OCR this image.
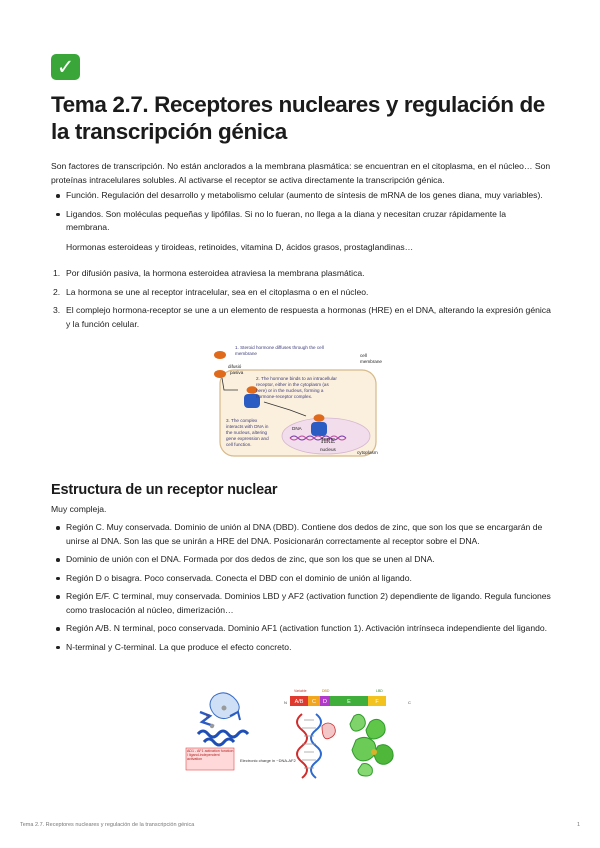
✓
Tema 2.7. Receptores nucleares y regulación de la transcripción génica

Son factores de transcripción. No están anclorados a la membrana plasmática: se encuentran en el citoplasma, en el núcleo… Son proteínas intracelulares solubles. Al activarse el receptor se activa directamente la transcripción génica.

Función. Regulación del desarrollo y metabolismo celular (aumento de síntesis de mRNA de los genes diana, muy variables).
Ligandos. Son moléculas pequeñas y lipófilas. Si no lo fueran, no llega a la diana y necesitan cruzar rápidamente la membrana.
Hormonas esteroideas y tiroideas, retinoides, vitamina D, ácidos grasos, prostaglandinas…
1. Por difusión pasiva, la hormona esteroidea atraviesa la membrana plasmática.
2. La hormona se une al receptor intracelular, sea en el citoplasma o en el núcleo.
3. El complejo hormona-receptor se une a un elemento de respuesta a hormonas (HRE) en el DNA, alterando la expresión génica y la función celular.
1. Steroid hormone diffuses through the cell
membrane	cell
membrane
difusió
pasiva
2. The hormone binds to an intracellular
receptor, either in the cytoplasm (as
here) or in the nucleus, forming a
hormone-receptor complex.
3. The complex
interacts with DNA in
the nucleus, altering
gene expression and
cell function.
DNA
HRE
nucleus
cytoplasm
Estructura de un receptor nuclear

Muy compleja.

Región C. Muy conservada. Dominio de unión al DNA (DBD). Contiene dos dedos de zinc, que son los que se encargarán de unirse al DNA. Son las que se unirán a HRE del DNA. Posicionarán correctamente al receptor sobre el DNA.
Dominio de unión con el DNA. Formada por dos dedos de zinc, que son los que se unen al DNA.
Región D o bisagra. Poco conservada. Conecta el DBD con el dominio de unión al ligando.
Región E/F. C terminal, muy conservada. Dominios LBD y AF2 (activation function 2) dependiente de ligando. Regula funciones como traslocación al núcleo, dimerización…
Región A/B. N terminal, poco conservada. Dominio AF1 (activation function 1). Activación intrínseca independiente del ligando.
N-terminal y C-terminal. La que produce el efecto concreto.
N
AD1 - AF1 activation function / ligand-independent activation
A/B C D	E	F
N	C
Variable	DBD	LBD
Electronic charge in ~DNA-AF2
Tema 2.7. Receptores nucleares y regulación de la transcripción génica	1
